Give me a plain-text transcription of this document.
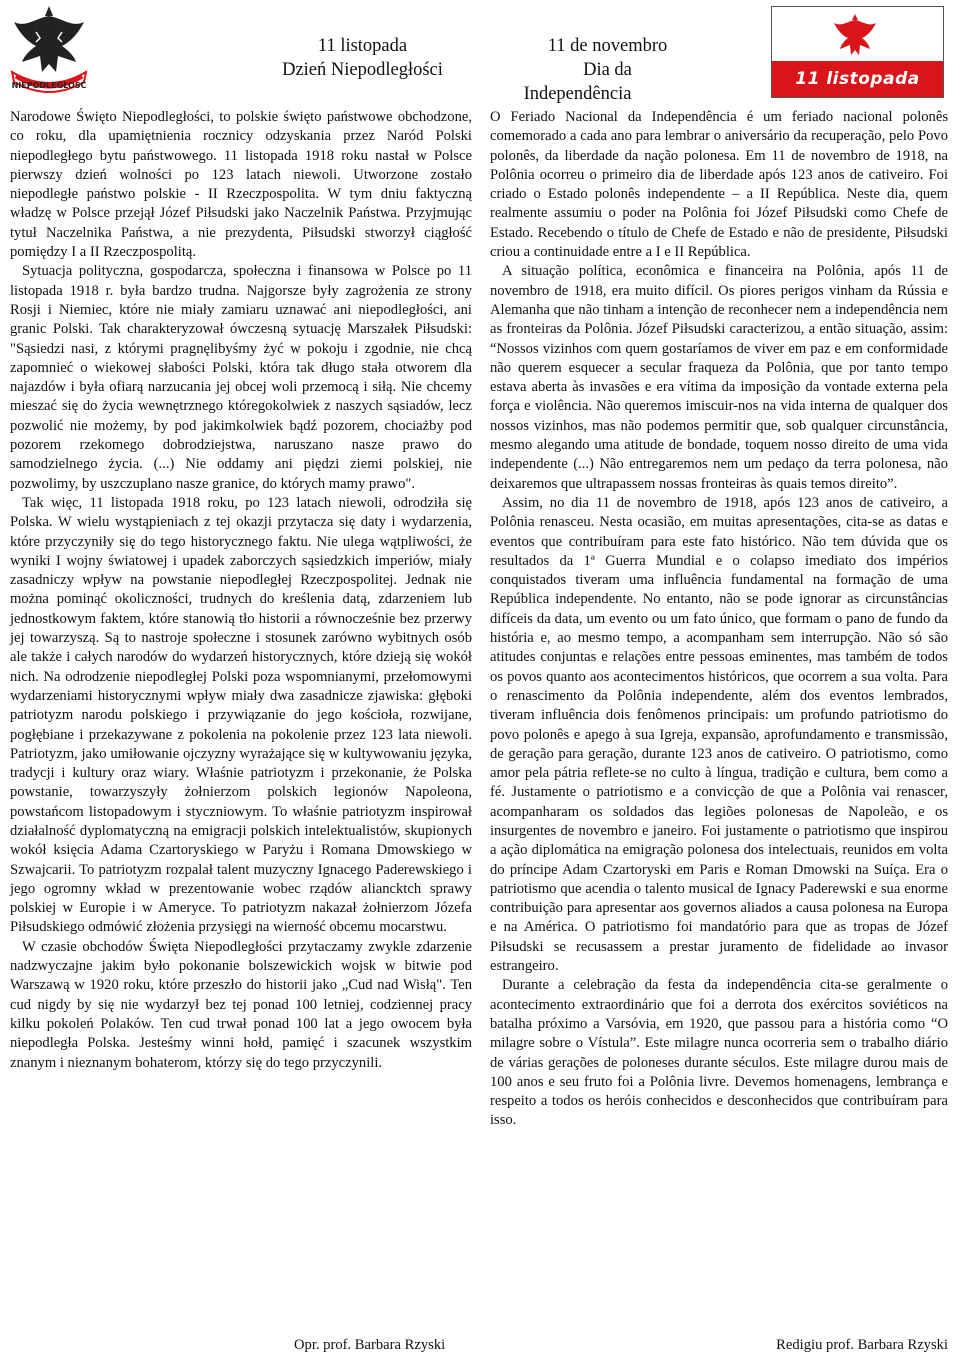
NIEPODLEGŁOŚĆ
11 listopada	11 de novembro
Dzień Niepodległości	Dia da
Independência
11 listopada

Narodowe Święto Niepodległości, to polskie święto państwowe obchodzone, co roku, dla upamiętnienia rocznicy odzyskania przez Naród Polski niepodległego bytu państwowego. 11 listopada 1918 roku nastał w Polsce pierwszy dzień wolności po 123 latach niewoli. Utworzone zostało niepodległe państwo polskie - II Rzeczpospolita. W tym dniu faktyczną władzę w Polsce przejął Józef Piłsudski jako Naczelnik Państwa. Przyjmując tytuł Naczelnika Państwa, a nie prezydenta, Piłsudski stworzył ciągłość pomiędzy I a II Rzeczpospolitą.

Sytuacja polityczna, gospodarcza, społeczna i finansowa w Polsce po 11 listopada 1918 r. była bardzo trudna. Najgorsze były zagrożenia ze strony Rosji i Niemiec, które nie miały zamiaru uznawać ani niepodległości, ani granic Polski. Tak charakteryzował ówczesną sytuację Marszałek Piłsudski: "Sąsiedzi nasi, z którymi pragnęlibyśmy żyć w pokoju i zgodnie, nie chcą zapomnieć o wiekowej słabości Polski, która tak długo stała otworem dla najazdów i była ofiarą narzucania jej obcej woli przemocą i siłą. Nie chcemy mieszać się do życia wewnętrznego któregokolwiek z naszych sąsiadów, lecz pozwolić nie możemy, by pod jakimkolwiek bądź pozorem, chociażby pod pozorem rzekomego dobrodziejstwa, naruszano nasze prawo do samodzielnego życia. (...) Nie oddamy ani piędzi ziemi polskiej, nie pozwolimy, by uszczuplano nasze granice, do których mamy prawo".

Tak więc, 11 listopada 1918 roku, po 123 latach niewoli, odrodziła się Polska. W wielu wystąpieniach z tej okazji przytacza się daty i wydarzenia, które przyczyniły się do tego historycznego faktu. Nie ulega wątpliwości, że wyniki I wojny światowej i upadek zaborczych sąsiedzkich imperiów, miały zasadniczy wpływ na powstanie niepodległej Rzeczpospolitej. Jednak nie można pominąć okoliczności, trudnych do kreślenia datą, zdarzeniem lub jednostkowym faktem, które stanowią tło historii a równocześnie bez przerwy jej towarzyszą. Są to nastroje społeczne i stosunek zarówno wybitnych osób ale także i całych narodów do wydarzeń historycznych, które dzieją się wokół nich. Na odrodzenie niepodległej Polski poza wspomnianymi, przełomowymi wydarzeniami historycznymi wpływ miały dwa zasadnicze zjawiska: głęboki patriotyzm narodu polskiego i przywiązanie do jego kościoła, rozwijane, pogłębiane i przekazywane z pokolenia na pokolenie przez 123 lata niewoli. Patriotyzm, jako umiłowanie ojczyzny wyrażające się w kultywowaniu języka, tradycji i kultury oraz wiary. Właśnie patriotyzm i przekonanie, że Polska powstanie, towarzyszyły żołnierzom polskich legionów Napoleona, powstańcom listopadowym i styczniowym. To właśnie patriotyzm inspirował działalność dyplomatyczną na emigracji polskich intelektualistów, skupionych wokół księcia Adama Czartoryskiego w Paryżu i Romana Dmowskiego w Szwajcarii. To patriotyzm rozpalał talent muzyczny Ignacego Paderewskiego i jego ogromny wkład w prezentowanie wobec rządów aliancktch sprawy polskiej w Europie i w Ameryce. To patriotyzm nakazał żołnierzom Józefa Piłsudskiego odmówić złożenia przysięgi na wierność obcemu mocarstwu.

W czasie obchodów Święta Niepodległości przytaczamy zwykle zdarzenie nadzwyczajne jakim było pokonanie bolszewickich wojsk w bitwie pod Warszawą w 1920 roku, które przeszło do historii jako „Cud nad Wisłą". Ten cud nigdy by się nie wydarzył bez tej ponad 100 letniej, codziennej pracy kilku pokoleń Polaków. Ten cud trwał ponad 100 lat a jego owocem była niepodległa Polska. Jesteśmy winni hołd, pamięć i szacunek wszystkim znanym i nieznanym bohaterom, którzy się do tego przyczynili.

O Feriado Nacional da Independência é um feriado nacional polonês comemorado a cada ano para lembrar o aniversário da recuperação, pelo Povo polonês, da liberdade da nação polonesa. Em 11 de novembro de 1918, na Polônia ocorreu o primeiro dia de liberdade após 123 anos de cativeiro. Foi criado o Estado polonês independente – a II República. Neste dia, quem realmente assumiu o poder na Polônia foi Józef Piłsudski como Chefe de Estado. Recebendo o título de Chefe de Estado e não de presidente, Piłsudski criou a continuidade entre a I e II República.

A situação política, econômica e financeira na Polônia, após 11 de novembro de 1918, era muito difícil. Os piores perigos vinham da Rússia e Alemanha que não tinham a intenção de reconhecer nem a independência nem as fronteiras da Polônia. Józef Piłsudski caracterizou, a então situação, assim: “Nossos vizinhos com quem gostaríamos de viver em paz e em conformidade não querem esquecer a secular fraqueza da Polônia, que por tanto tempo estava aberta às invasões e era vítima da imposição da vontade externa pela força e violência. Não queremos imiscuir-nos na vida interna de qualquer dos nossos vizinhos, mas não podemos permitir que, sob qualquer circunstância, mesmo alegando uma atitude de bondade, toquem nosso direito de uma vida independente (...) Não entregaremos nem um pedaço da terra polonesa, não deixaremos que ultrapassem nossas fronteiras às quais temos direito”.

Assim, no dia 11 de novembro de 1918, após 123 anos de cativeiro, a Polônia renasceu. Nesta ocasião, em muitas apresentações, cita-se as datas e eventos que contribuíram para este fato histórico. Não tem dúvida que os resultados da 1ª Guerra Mundial e o colapso imediato dos impérios conquistados tiveram uma influência fundamental na formação de uma República independente. No entanto, não se pode ignorar as circunstâncias difíceis da data, um evento ou um fato único, que formam o pano de fundo da história e, ao mesmo tempo, a acompanham sem interrupção. Não só são atitudes conjuntas e relações entre pessoas eminentes, mas também de todos os povos quanto aos acontecimentos históricos, que ocorrem a sua volta. Para o renascimento da Polônia independente, além dos eventos lembrados, tiveram influência dois fenômenos principais: um profundo patriotismo do povo polonês e apego à sua Igreja, expansão, aprofundamento e transmissão, de geração para geração, durante 123 anos de cativeiro. O patriotismo, como amor pela pátria reflete-se no culto à língua, tradição e cultura, bem como a fé. Justamente o patriotismo e a convicção de que a Polônia vai renascer, acompanharam os soldados das legiões polonesas de Napoleão, e os insurgentes de novembro e janeiro. Foi justamente o patriotismo que inspirou a ação diplomática na emigração polonesa dos intelectuais, reunidos em volta do príncipe Adam Czartoryski em Paris e Roman Dmowski na Suíça. Era o patriotismo que acendia o talento musical de Ignacy Paderewski e sua enorme contribuição para apresentar aos governos aliados a causa polonesa na Europa e na América. O patriotismo foi mandatório para que as tropas de Józef Piłsudski se recusassem a prestar juramento de fidelidade ao invasor estrangeiro.

Durante a celebração da festa da independência cita-se geralmente o acontecimento extraordinário que foi a derrota dos exércitos soviéticos na batalha próximo a Varsóvia, em 1920, que passou para a história como “O milagre sobre o Vístula”. Este milagre nunca ocorreria sem o trabalho diário de várias gerações de poloneses durante séculos. Este milagre durou mais de 100 anos e seu fruto foi a Polônia livre. Devemos homenagens, lembrança e respeito a todos os heróis conhecidos e desconhecidos que contribuíram para isso.

Opr. prof. Barbara Rzyski	Redigiu prof. Barbara Rzyski
